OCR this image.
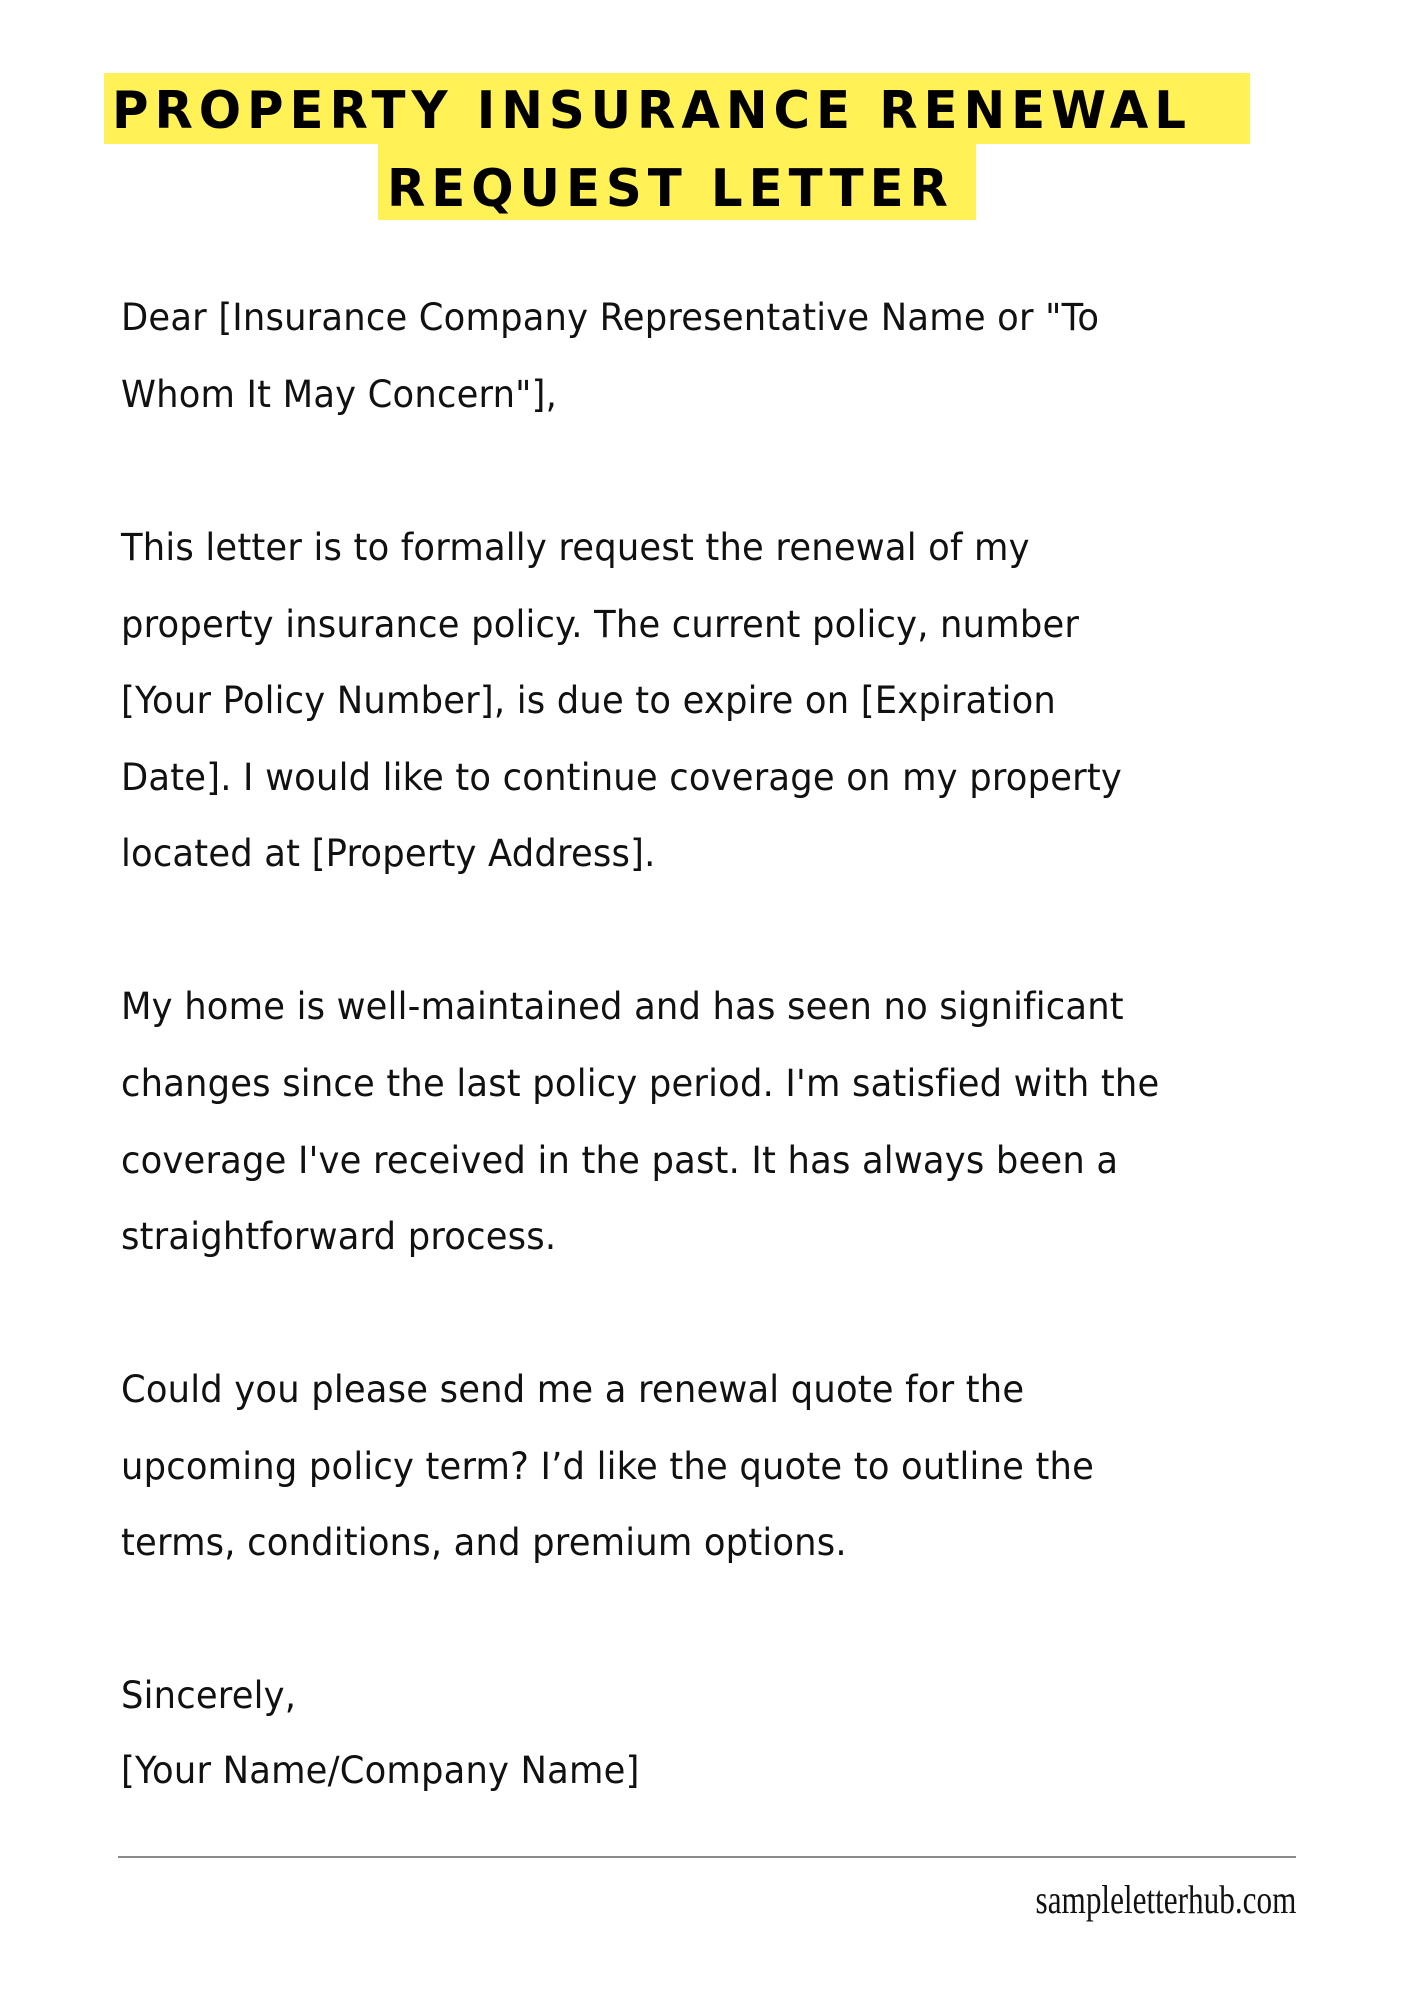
PROPERTY INSURANCE RENEWAL
REQUEST LETTER
Dear [Insurance Company Representative Name or "To
Whom It May Concern"],
This letter is to formally request the renewal of my
property insurance policy. The current policy, number
[Your Policy Number], is due to expire on [Expiration
Date]. I would like to continue coverage on my property
located at [Property Address].
My home is well-maintained and has seen no significant
changes since the last policy period. I'm satisfied with the
coverage I've received in the past. It has always been a
straightforward process.
Could you please send me a renewal quote for the
upcoming policy term? I’d like the quote to outline the
terms, conditions, and premium options.
Sincerely,
[Your Name/Company Name]
sampleletterhub.com
